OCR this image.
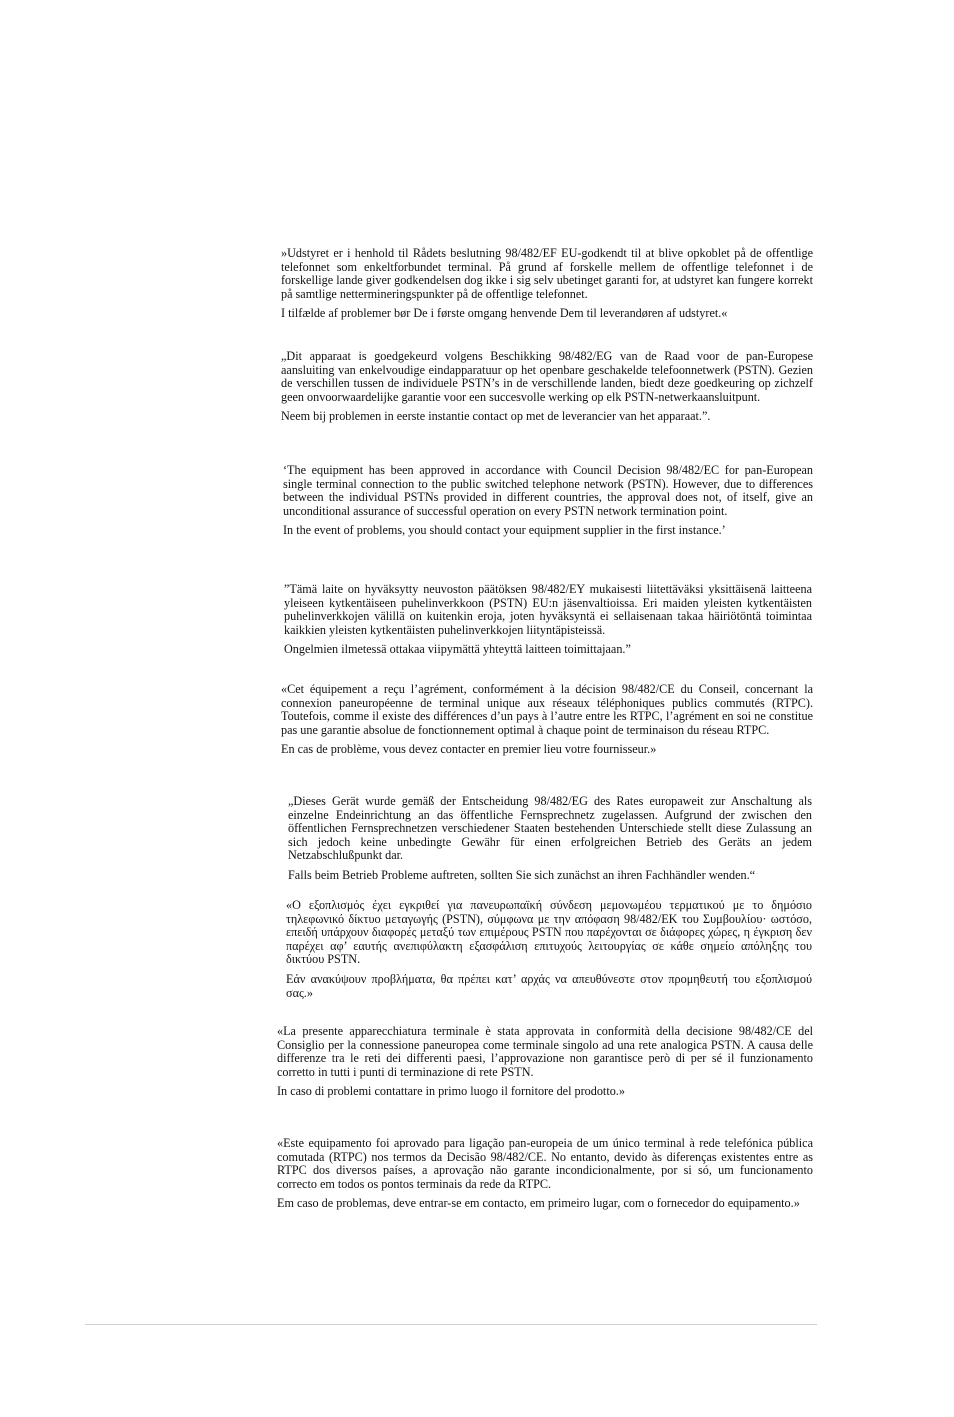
»Udstyret er i henhold til Rådets beslutning 98/482/EF EU-godkendt til at blive opkoblet på de offentlige telefonnet som enkeltforbundet terminal. På grund af forskelle mellem de offentlige telefonnet i de forskellige lande giver godkendelsen dog ikke i sig selv ubetinget garanti for, at udstyret kan fungere korrekt på samtlige nettermineringspunkter på de offentlige telefonnet.

I tilfælde af problemer bør De i første omgang henvende Dem til leverandøren af udstyret.«

„Dit apparaat is goedgekeurd volgens Beschikking 98/482/EG van de Raad voor de pan-Europese aansluiting van enkelvoudige eindapparatuur op het openbare geschakelde telefoonnetwerk (PSTN). Gezien de verschillen tussen de individuele PSTN’s in de verschillende landen, biedt deze goedkeuring op zichzelf geen onvoorwaardelijke garantie voor een succesvolle werking op elk PSTN-netwerkaansluitpunt.

Neem bij problemen in eerste instantie contact op met de leverancier van het apparaat.”.

‘The equipment has been approved in accordance with Council Decision 98/482/EC for pan-European single terminal connection to the public switched telephone network (PSTN). However, due to differences between the individual PSTNs provided in different countries, the approval does not, of itself, give an unconditional assurance of successful operation on every PSTN network termination point.

In the event of problems, you should contact your equipment supplier in the first instance.’

”Tämä laite on hyväksytty neuvoston päätöksen 98/482/EY mukaisesti liitettäväksi yksittäisenä laitteena yleiseen kytkentäiseen puhelinverkkoon (PSTN) EU:n jäsenvaltioissa. Eri maiden yleisten kytkentäisten puhelinverkkojen välillä on kuitenkin eroja, joten hyväksyntä ei sellaisenaan takaa häiriötöntä toimintaa kaikkien yleisten kytkentäisten puhelinverkkojen liityntäpisteissä.

Ongelmien ilmetessä ottakaa viipymättä yhteyttä laitteen toimittajaan.”

«Cet équipement a reçu l’agrément, conformément à la décision 98/482/CE du Conseil, concernant la connexion paneuropéenne de terminal unique aux réseaux téléphoniques publics commutés (RTPC). Toutefois, comme il existe des différences d’un pays à l’autre entre les RTPC, l’agrément en soi ne constitue pas une garantie absolue de fonctionnement optimal à chaque point de terminaison du réseau RTPC.

En cas de problème, vous devez contacter en premier lieu votre fournisseur.»

„Dieses Gerät wurde gemäß der Entscheidung 98/482/EG des Rates europaweit zur Anschaltung als einzelne Endeinrichtung an das öffentliche Fernsprechnetz zugelassen. Aufgrund der zwischen den öffentlichen Fernsprechnetzen verschiedener Staaten bestehenden Unterschiede stellt diese Zulassung an sich jedoch keine unbedingte Gewähr für einen erfolgreichen Betrieb des Geräts an jedem Netzabschlußpunkt dar.

Falls beim Betrieb Probleme auftreten, sollten Sie sich zunächst an ihren Fachhändler wenden.“

«Ο εξοπλισμός έχει εγκριθεί για πανευρωπαϊκή σύνδεση μεμονωμέου τερματικού με το δημόσιο τηλεφωνικό δίκτυο μεταγωγής (PSTN), σύμφωνα με την απόφαση 98/482/ΕΚ του Συμβουλίου· ωστόσο, επειδή υπάρχουν διαφορές μεταξύ των επιμέρους PSTN που παρέχονται σε διάφορες χώρες, η έγκριση δεν παρέχει αφ’ εαυτής ανεπιφύλακτη εξασφάλιση επιτυχούς λειτουργίας σε κάθε σημείο απόληξης του δικτύου PSTN.

Εάν ανακύψουν προβλήματα, θα πρέπει κατ’ αρχάς να απευθύνεστε στον προμηθευτή του εξοπλισμού σας.»

«La presente apparecchiatura terminale è stata approvata in conformità della decisione 98/482/CE del Consiglio per la connessione paneuropea come terminale singolo ad una rete analogica PSTN. A causa delle differenze tra le reti dei differenti paesi, l’approvazione non garantisce però di per sé il funzionamento corretto in tutti i punti di terminazione di rete PSTN.

In caso di problemi contattare in primo luogo il fornitore del prodotto.»

«Este equipamento foi aprovado para ligação pan-europeia de um único terminal à rede telefónica pública comutada (RTPC) nos termos da Decisão 98/482/CE. No entanto, devido às diferenças existentes entre as RTPC dos diversos países, a aprovação não garante incondicionalmente, por si só, um funcionamento correcto em todos os pontos terminais da rede da RTPC.

Em caso de problemas, deve entrar-se em contacto, em primeiro lugar, com o fornecedor do equipamento.»
